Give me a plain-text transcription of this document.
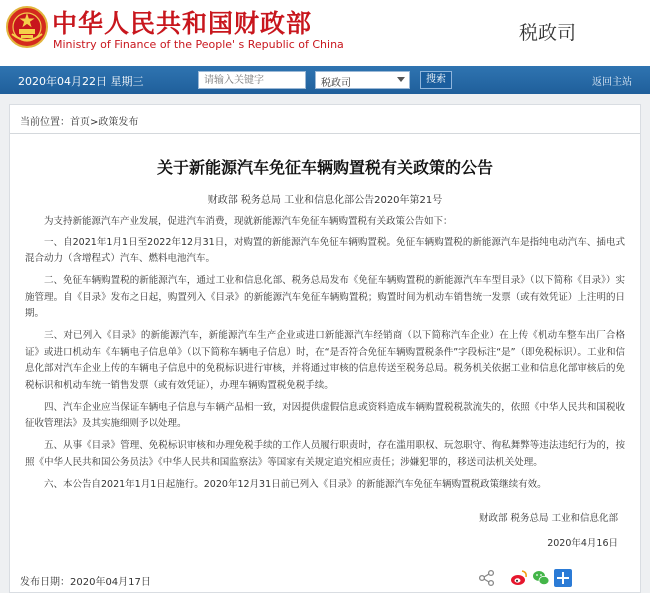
中华人民共和国财政部
Ministry of Finance of the People' s Republic of China
税政司
2020年04月22日 星期三
请输入关键字	税政司	搜索	返回主站
当前位置：首页>政策发布
关于新能源汽车免征车辆购置税有关政策的公告
财政部 税务总局 工业和信息化部公告2020年第21号

为支持新能源汽车产业发展，促进汽车消费，现就新能源汽车免征车辆购置税有关政策公告如下：

一、自2021年1月1日至2022年12月31日，对购置的新能源汽车免征车辆购置税。免征车辆购置税的新能源汽车是指纯电动汽车、插电式混合动力（含增程式）汽车、燃料电池汽车。

二、免征车辆购置税的新能源汽车，通过工业和信息化部、税务总局发布《免征车辆购置税的新能源汽车车型目录》（以下简称《目录》）实施管理。自《目录》发布之日起，购置列入《目录》的新能源汽车免征车辆购置税；购置时间为机动车销售统一发票（或有效凭证）上注明的日期。

三、对已列入《目录》的新能源汽车，新能源汽车生产企业或进口新能源汽车经销商（以下简称汽车企业）在上传《机动车整车出厂合格证》或进口机动车《车辆电子信息单》（以下简称车辆电子信息）时，在“是否符合免征车辆购置税条件”字段标注“是”（即免税标识）。工业和信息化部对汽车企业上传的车辆电子信息中的免税标识进行审核，并将通过审核的信息传送至税务总局。税务机关依据工业和信息化部审核后的免税标识和机动车统一销售发票（或有效凭证），办理车辆购置税免税手续。

四、汽车企业应当保证车辆电子信息与车辆产品相一致，对因提供虚假信息或资料造成车辆购置税税款流失的，依照《中华人民共和国税收征收管理法》及其实施细则予以处理。

五、从事《目录》管理、免税标识审核和办理免税手续的工作人员履行职责时，存在滥用职权、玩忽职守、徇私舞弊等违法违纪行为的，按照《中华人民共和国公务员法》《中华人民共和国监察法》等国家有关规定追究相应责任；涉嫌犯罪的，移送司法机关处理。

六、本公告自2021年1月1日起施行。2020年12月31日前已列入《目录》的新能源汽车免征车辆购置税政策继续有效。

财政部 税务总局 工业和信息化部
2020年4月16日
发布日期：2020年04月17日
